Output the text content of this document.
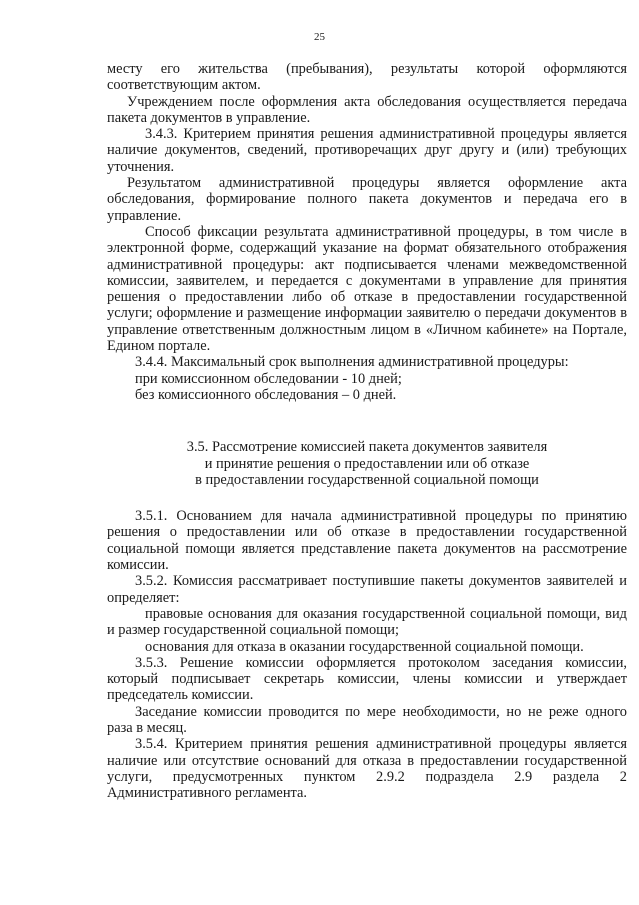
25

месту его жительства (пребывания), результаты которой оформляются соответствующим актом.

Учреждением после оформления акта обследования осуществляется передача пакета документов в управление.

3.4.3. Критерием принятия решения административной процедуры является наличие документов, сведений, противоречащих друг другу и (или) требующих уточнения.

Результатом административной процедуры является оформление акта обследования, формирование полного пакета документов и передача его в управление.

Способ фиксации результата административной процедуры, в том числе в электронной форме, содержащий указание на формат обязательного отображения административной процедуры: акт подписывается членами межведомственной комиссии, заявителем, и передается с документами в управление для принятия решения о предоставлении либо об отказе в предоставлении государственной услуги; оформление и размещение информации заявителю о передачи документов в управление ответственным должностным лицом в «Личном кабинете» на Портале, Едином портале.

3.4.4. Максимальный срок выполнения административной процедуры:

при комиссионном обследовании - 10 дней;

без комиссионного обследования – 0 дней.

3.5. Рассмотрение комиссией пакета документов заявителя
и принятие решения о предоставлении или об отказе
в предоставлении государственной социальной помощи

3.5.1. Основанием для начала административной процедуры по принятию решения о предоставлении или об отказе в предоставлении государственной социальной помощи является представление пакета документов на рассмотрение комиссии.

3.5.2. Комиссия рассматривает поступившие пакеты документов заявителей и определяет:

правовые основания для оказания государственной социальной помощи, вид и размер государственной социальной помощи;

основания для отказа в оказании государственной социальной помощи.

3.5.3. Решение комиссии оформляется протоколом заседания комиссии, который подписывает секретарь комиссии, члены комиссии и утверждает председатель комиссии.

Заседание комиссии проводится по мере необходимости, но не реже одного раза в месяц.

3.5.4. Критерием принятия решения административной процедуры является наличие или отсутствие оснований для отказа в предоставлении государственной услуги, предусмотренных пунктом 2.9.2 подраздела 2.9 раздела 2 Административного регламента.
